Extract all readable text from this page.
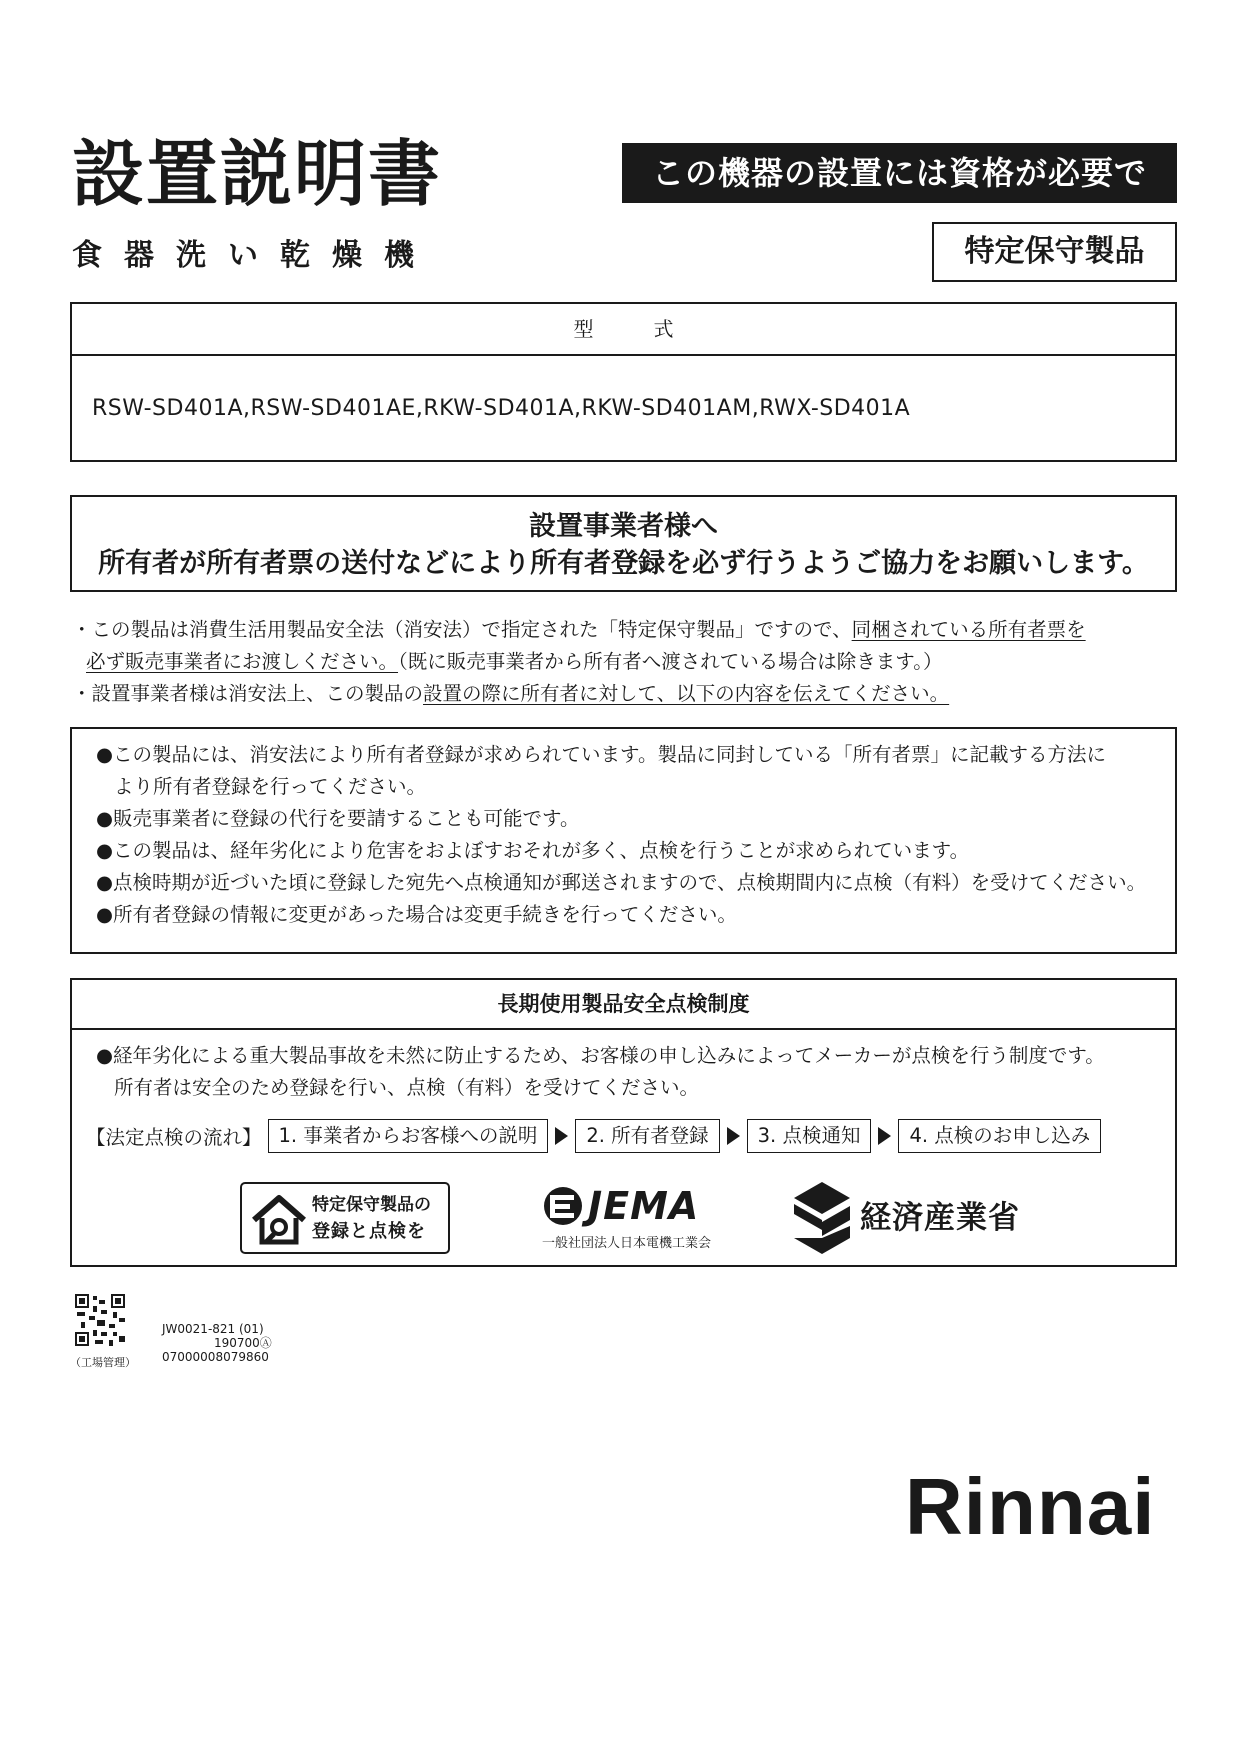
設置説明書
食器洗い乾燥機
この機器の設置には資格が必要です。	特定保守製品
型式
RSW-SD401A,RSW-SD401AE,RKW-SD401A,RKW-SD401AM,RWX-SD401A
設置事業者様へ
所有者が所有者票の送付などにより所有者登録を必ず行うようご協力をお願いします。
・この製品は消費生活用製品安全法（消安法）で指定された「特定保守製品」ですので、同梱されている所有者票を
必ず販売事業者にお渡しください。（既に販売事業者から所有者へ渡されている場合は除きます。）
・設置事業者様は消安法上、この製品の設置の際に所有者に対して、以下の内容を伝えてください。
●この製品には、消安法により所有者登録が求められています。製品に同封している「所有者票」に記載する方法に
より所有者登録を行ってください。
●販売事業者に登録の代行を要請することも可能です。
●この製品は、経年劣化により危害をおよぼすおそれが多く、点検を行うことが求められています。
●点検時期が近づいた頃に登録した宛先へ点検通知が郵送されますので、点検期間内に点検（有料）を受けてください。
●所有者登録の情報に変更があった場合は変更手続きを行ってください。
長期使用製品安全点検制度
●経年劣化による重大製品事故を未然に防止するため、お客様の申し込みによってメーカーが点検を行う制度です。
所有者は安全のため登録を行い、点検（有料）を受けてください。
【法定点検の流れ】 1. 事業者からお客様への説明	2. 所有者登録	3. 点検通知	4. 点検のお申し込み
特定保守製品の
登録と点検を
JEMA
一般社団法人日本電機工業会
経済産業省
（工場管理）
JW0021-821 (01)
190700Ⓐ
07000008079860
Rinnai
